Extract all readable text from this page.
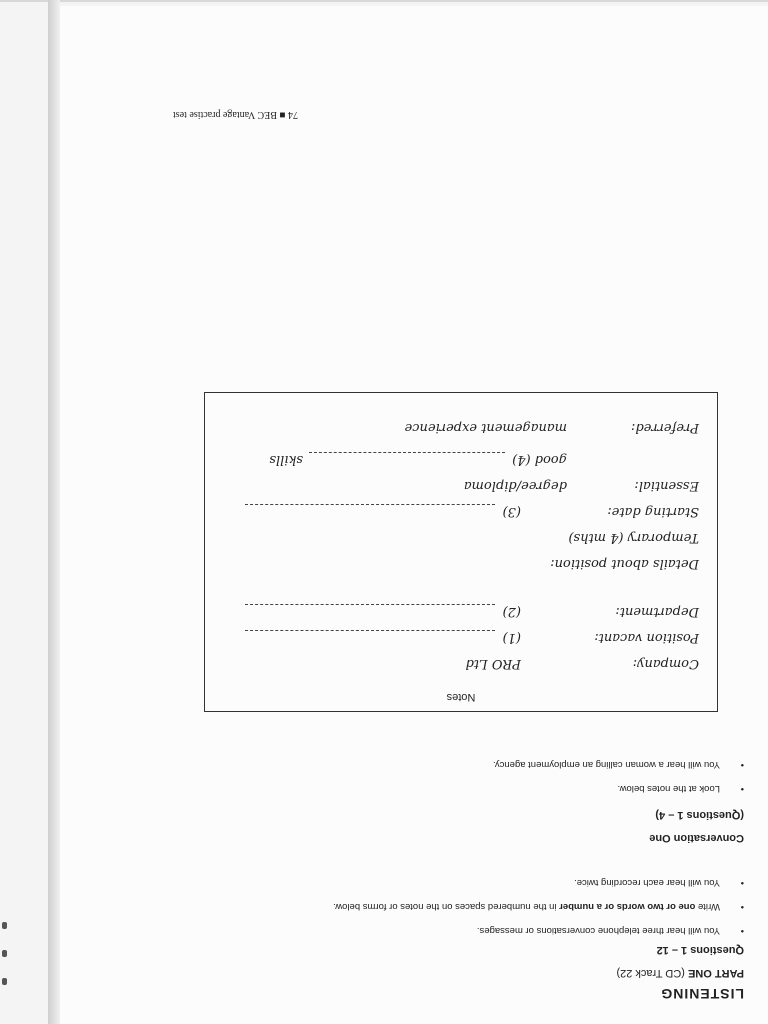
LISTENING
PART ONE (CD Track 22)
Questions 1 – 12
• You will hear three telephone conversations or messages.
• Write one or two words or a number in the numbered spaces on the notes or forms below.
• You will hear each recording twice.
Conversation One
(Questions 1 – 4)
• Look at the notes below.
• You will hear a woman calling an employment agency.
Notes
Company:
PRO Ltd
Position vacant:
(1)
Department:
(2)
Details about position:
Temporary (4 mths)
Starting date:
(3)
Essential:
degree/diploma
good (4)
skills
Preferred:
management experience
74 ■ BEC Vantage practise test
